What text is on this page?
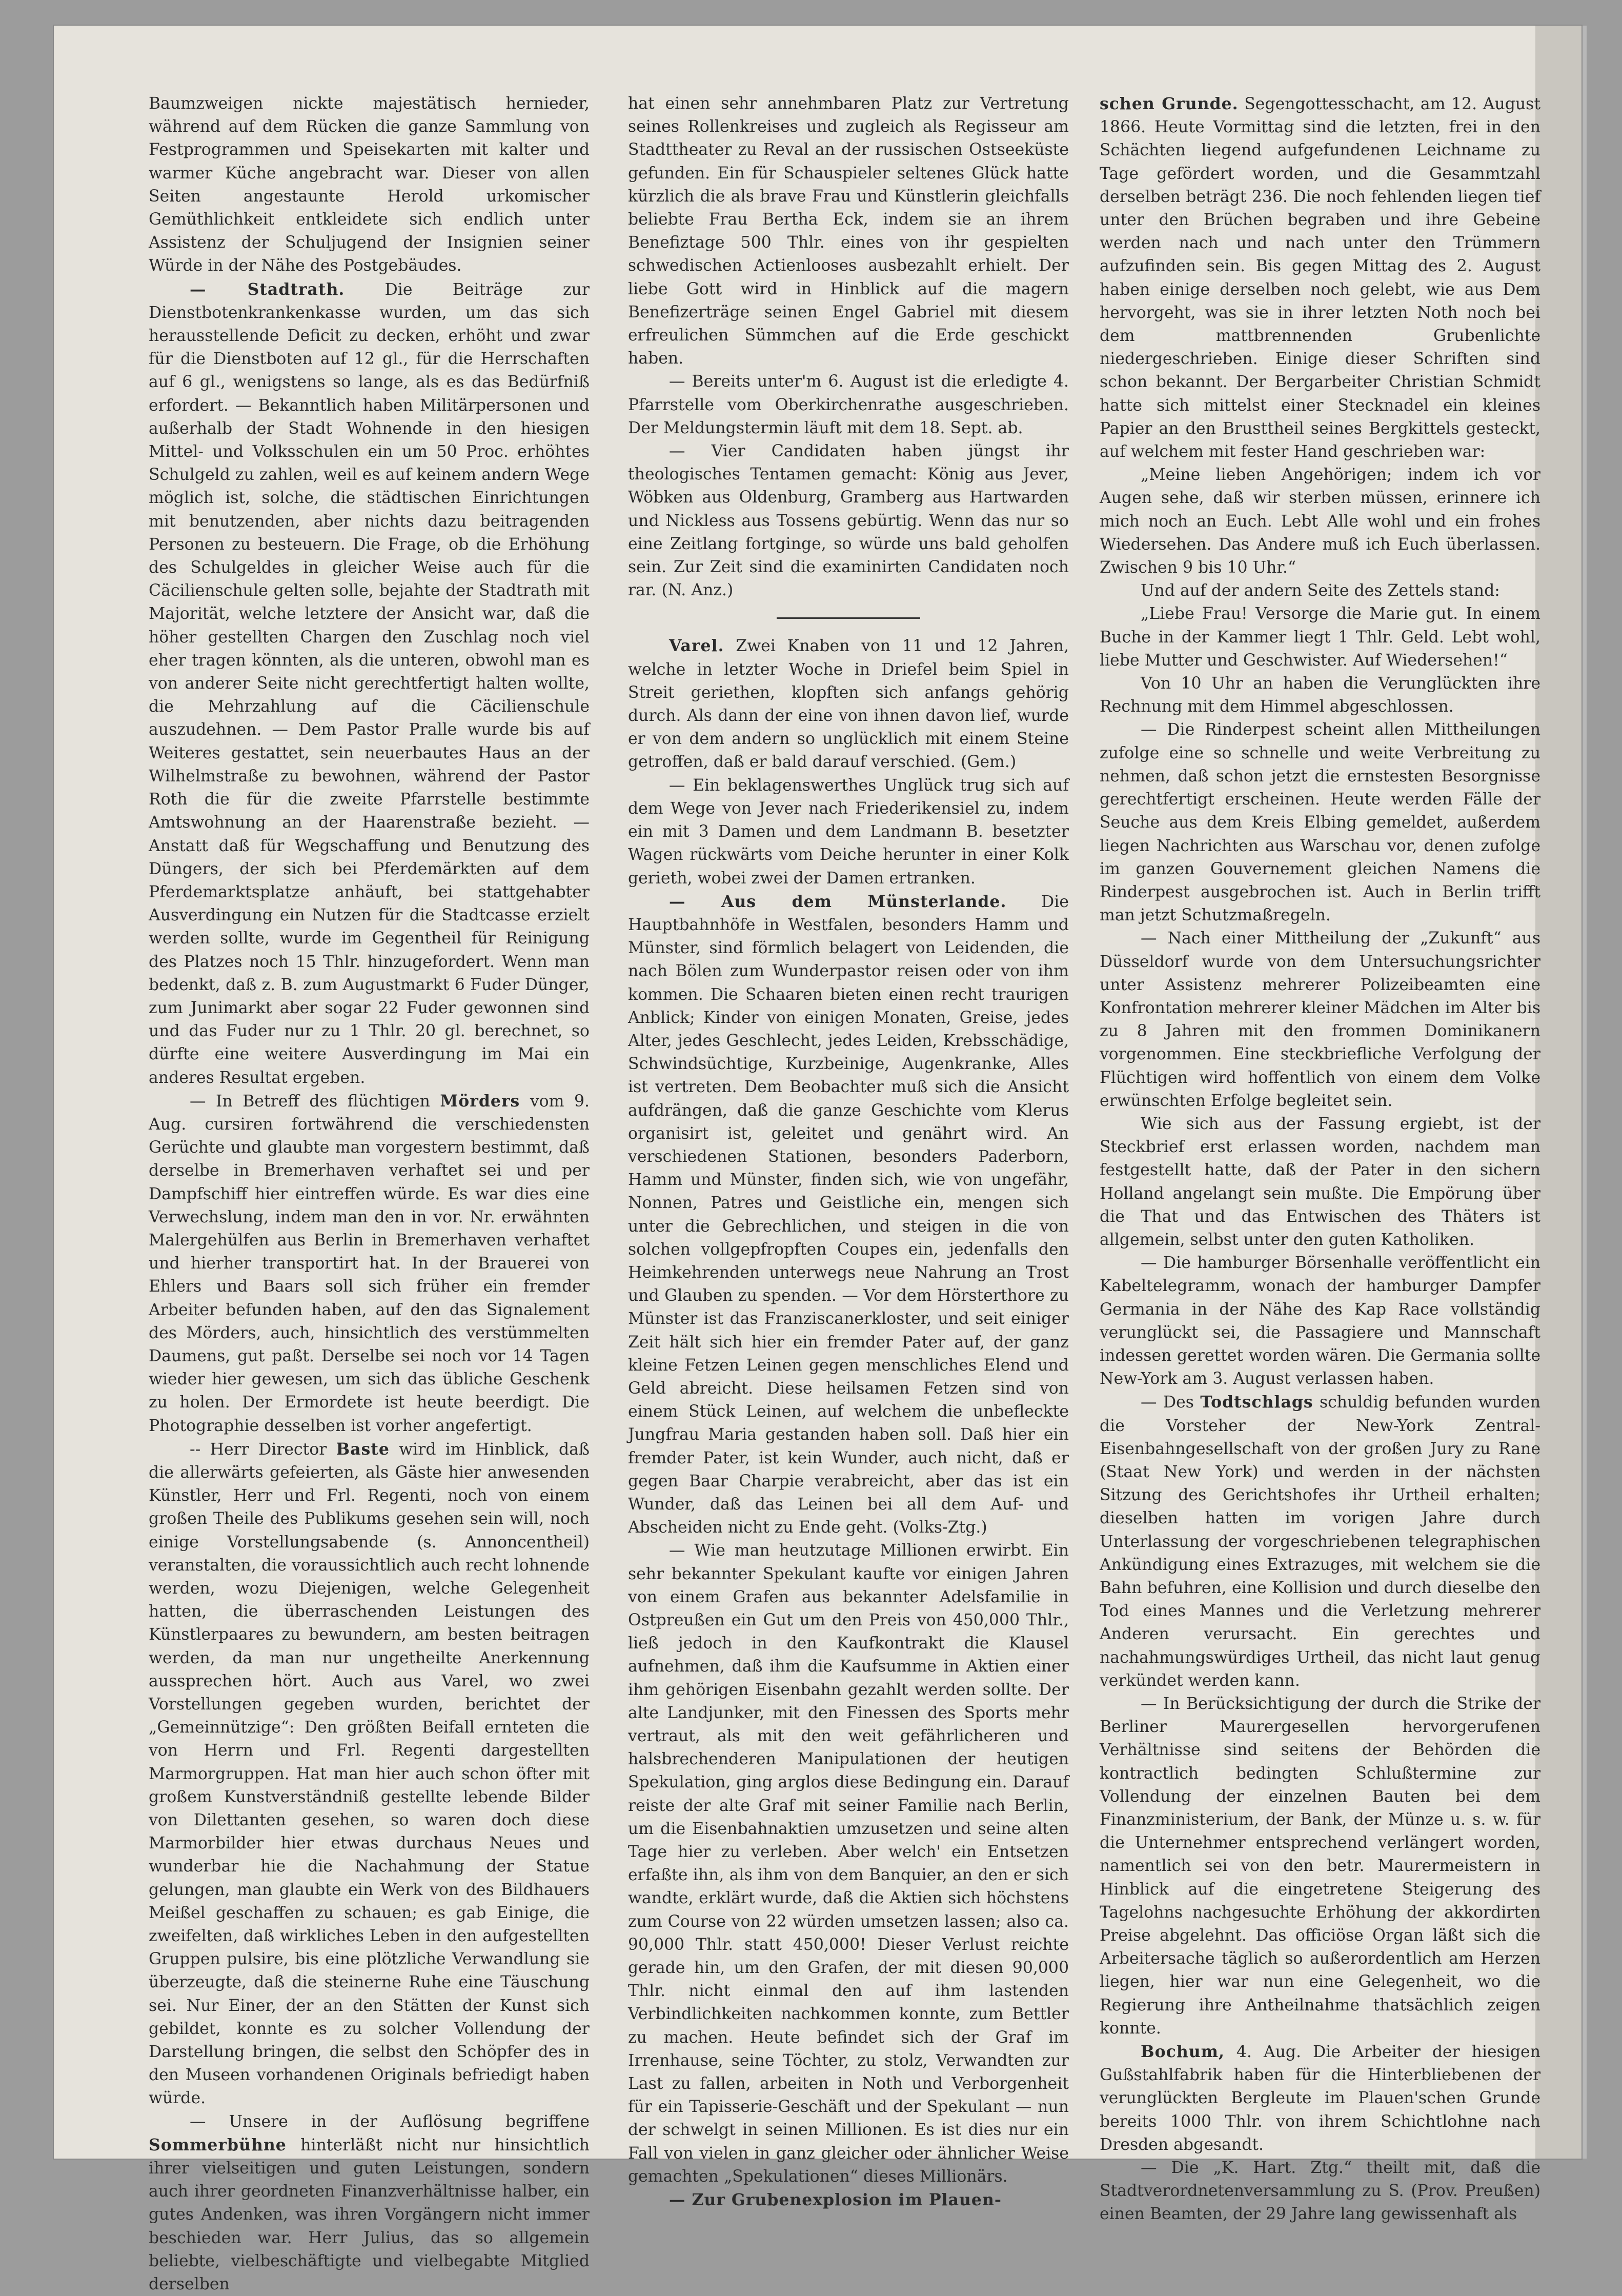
Baumzweigen nickte majestätisch hernieder, während auf dem Rücken die ganze Sammlung von Festprogrammen und Speisekarten mit kalter und warmer Küche angebracht war. Dieser von allen Seiten angestaunte Herold urkomischer Gemüthlichkeit entkleidete sich endlich unter Assistenz der Schuljugend der Insignien seiner Würde in der Nähe des Postgebäudes.

— Stadtrath. Die Beiträge zur Dienstbotenkrankenkasse wurden, um das sich herausstellende Deficit zu decken, erhöht und zwar für die Dienstboten auf 12 gl., für die Herrschaften auf 6 gl., wenigstens so lange, als es das Bedürfniß erfordert. — Bekanntlich haben Militärpersonen und außerhalb der Stadt Wohnende in den hiesigen Mittel- und Volksschulen ein um 50 Proc. erhöhtes Schulgeld zu zahlen, weil es auf keinem andern Wege möglich ist, solche, die städtischen Einrichtungen mit benutzenden, aber nichts dazu beitragenden Personen zu besteuern. Die Frage, ob die Erhöhung des Schulgeldes in gleicher Weise auch für die Cäcilienschule gelten solle, bejahte der Stadtrath mit Majorität, welche letztere der Ansicht war, daß die höher gestellten Chargen den Zuschlag noch viel eher tragen könnten, als die unteren, obwohl man es von anderer Seite nicht gerechtfertigt halten wollte, die Mehrzahlung auf die Cäcilienschule auszudehnen. — Dem Pastor Pralle wurde bis auf Weiteres gestattet, sein neuerbautes Haus an der Wilhelmstraße zu bewohnen, während der Pastor Roth die für die zweite Pfarrstelle bestimmte Amtswohnung an der Haarenstraße bezieht. — Anstatt daß für Wegschaffung und Benutzung des Düngers, der sich bei Pferdemärkten auf dem Pferdemarktsplatze anhäuft, bei stattgehabter Ausverdingung ein Nutzen für die Stadtcasse erzielt werden sollte, wurde im Gegentheil für Reinigung des Platzes noch 15 Thlr. hinzugefordert. Wenn man bedenkt, daß z. B. zum Augustmarkt 6 Fuder Dünger, zum Junimarkt aber sogar 22 Fuder gewonnen sind und das Fuder nur zu 1 Thlr. 20 gl. berechnet, so dürfte eine weitere Ausverdingung im Mai ein anderes Resultat ergeben.

— In Betreff des flüchtigen Mörders vom 9. Aug. cursiren fortwährend die verschiedensten Gerüchte und glaubte man vorgestern bestimmt, daß derselbe in Bremerhaven verhaftet sei und per Dampfschiff hier eintreffen würde. Es war dies eine Verwechslung, indem man den in vor. Nr. erwähnten Malergehülfen aus Berlin in Bremerhaven verhaftet und hierher transportirt hat. In der Brauerei von Ehlers und Baars soll sich früher ein fremder Arbeiter befunden haben, auf den das Signalement des Mörders, auch, hinsichtlich des verstümmelten Daumens, gut paßt. Derselbe sei noch vor 14 Tagen wieder hier gewesen, um sich das übliche Geschenk zu holen. Der Ermordete ist heute beerdigt. Die Photographie desselben ist vorher angefertigt.

-- Herr Director Baste wird im Hinblick, daß die allerwärts gefeierten, als Gäste hier anwesenden Künstler, Herr und Frl. Regenti, noch von einem großen Theile des Publikums gesehen sein will, noch einige Vorstellungsabende (s. Annoncentheil) veranstalten, die voraussichtlich auch recht lohnende werden, wozu Diejenigen, welche Gelegenheit hatten, die überraschenden Leistungen des Künstlerpaares zu bewundern, am besten beitragen werden, da man nur ungetheilte Anerkennung aussprechen hört. Auch aus Varel, wo zwei Vorstellungen gegeben wurden, berichtet der „Gemeinnützige“: Den größten Beifall ernteten die von Herrn und Frl. Regenti dargestellten Marmorgruppen. Hat man hier auch schon öfter mit großem Kunstverständniß gestellte lebende Bilder von Dilettanten gesehen, so waren doch diese Marmorbilder hier etwas durchaus Neues und wunderbar hie die Nachahmung der Statue gelungen, man glaubte ein Werk von des Bildhauers Meißel geschaffen zu schauen; es gab Einige, die zweifelten, daß wirkliches Leben in den aufgestellten Gruppen pulsire, bis eine plötzliche Verwandlung sie überzeugte, daß die steinerne Ruhe eine Täuschung sei. Nur Einer, der an den Stätten der Kunst sich gebildet, konnte es zu solcher Vollendung der Darstellung bringen, die selbst den Schöpfer des in den Museen vorhandenen Originals befriedigt haben würde.

— Unsere in der Auflösung begriffene Sommerbühne hinterläßt nicht nur hinsichtlich ihrer vielseitigen und guten Leistungen, sondern auch ihrer geordneten Finanzverhältnisse halber, ein gutes Andenken, was ihren Vorgängern nicht immer beschieden war. Herr Julius, das so allgemein beliebte, vielbeschäftigte und vielbegabte Mitglied derselben

hat einen sehr annehmbaren Platz zur Vertretung seines Rollenkreises und zugleich als Regisseur am Stadttheater zu Reval an der russischen Ostseeküste gefunden. Ein für Schauspieler seltenes Glück hatte kürzlich die als brave Frau und Künstlerin gleichfalls beliebte Frau Bertha Eck, indem sie an ihrem Benefiztage 500 Thlr. eines von ihr gespielten schwedischen Actienlooses ausbezahlt erhielt. Der liebe Gott wird in Hinblick auf die magern Benefizerträge seinen Engel Gabriel mit diesem erfreulichen Sümmchen auf die Erde geschickt haben.

— Bereits unter'm 6. August ist die erledigte 4. Pfarrstelle vom Oberkirchenrathe ausgeschrieben. Der Meldungstermin läuft mit dem 18. Sept. ab.

— Vier Candidaten haben jüngst ihr theologisches Tentamen gemacht: König aus Jever, Wöbken aus Oldenburg, Gramberg aus Hartwarden und Nickless aus Tossens gebürtig. Wenn das nur so eine Zeitlang fortginge, so würde uns bald geholfen sein. Zur Zeit sind die examinirten Candidaten noch rar. (N. Anz.)

Varel. Zwei Knaben von 11 und 12 Jahren, welche in letzter Woche in Driefel beim Spiel in Streit geriethen, klopften sich anfangs gehörig durch. Als dann der eine von ihnen davon lief, wurde er von dem andern so unglücklich mit einem Steine getroffen, daß er bald darauf verschied. (Gem.)

— Ein beklagenswerthes Unglück trug sich auf dem Wege von Jever nach Friederikensiel zu, indem ein mit 3 Damen und dem Landmann B. besetzter Wagen rückwärts vom Deiche herunter in einer Kolk gerieth, wobei zwei der Damen ertranken.

— Aus dem Münsterlande. Die Hauptbahnhöfe in Westfalen, besonders Hamm und Münster, sind förmlich belagert von Leidenden, die nach Bölen zum Wunderpastor reisen oder von ihm kommen. Die Schaaren bieten einen recht traurigen Anblick; Kinder von einigen Monaten, Greise, jedes Alter, jedes Geschlecht, jedes Leiden, Krebsschädige, Schwindsüchtige, Kurzbeinige, Augenkranke, Alles ist vertreten. Dem Beobachter muß sich die Ansicht aufdrängen, daß die ganze Geschichte vom Klerus organisirt ist, geleitet und genährt wird. An verschiedenen Stationen, besonders Paderborn, Hamm und Münster, finden sich, wie von ungefähr, Nonnen, Patres und Geistliche ein, mengen sich unter die Gebrechlichen, und steigen in die von solchen vollgepfropften Coupes ein, jedenfalls den Heimkehrenden unterwegs neue Nahrung an Trost und Glauben zu spenden. — Vor dem Hörsterthore zu Münster ist das Franziscanerkloster, und seit einiger Zeit hält sich hier ein fremder Pater auf, der ganz kleine Fetzen Leinen gegen menschliches Elend und Geld abreicht. Diese heilsamen Fetzen sind von einem Stück Leinen, auf welchem die unbefleckte Jungfrau Maria gestanden haben soll. Daß hier ein fremder Pater, ist kein Wunder, auch nicht, daß er gegen Baar Charpie verabreicht, aber das ist ein Wunder, daß das Leinen bei all dem Auf- und Abscheiden nicht zu Ende geht. (Volks-Ztg.)

— Wie man heutzutage Millionen erwirbt. Ein sehr bekannter Spekulant kaufte vor einigen Jahren von einem Grafen aus bekannter Adelsfamilie in Ostpreußen ein Gut um den Preis von 450,000 Thlr., ließ jedoch in den Kaufkontrakt die Klausel aufnehmen, daß ihm die Kaufsumme in Aktien einer ihm gehörigen Eisenbahn gezahlt werden sollte. Der alte Landjunker, mit den Finessen des Sports mehr vertraut, als mit den weit gefährlicheren und halsbrechenderen Manipulationen der heutigen Spekulation, ging arglos diese Bedingung ein. Darauf reiste der alte Graf mit seiner Familie nach Berlin, um die Eisenbahnaktien umzusetzen und seine alten Tage hier zu verleben. Aber welch' ein Entsetzen erfaßte ihn, als ihm von dem Banquier, an den er sich wandte, erklärt wurde, daß die Aktien sich höchstens zum Course von 22 würden umsetzen lassen; also ca. 90,000 Thlr. statt 450,000! Dieser Verlust reichte gerade hin, um den Grafen, der mit diesen 90,000 Thlr. nicht einmal den auf ihm lastenden Verbindlichkeiten nachkommen konnte, zum Bettler zu machen. Heute befindet sich der Graf im Irrenhause, seine Töchter, zu stolz, Verwandten zur Last zu fallen, arbeiten in Noth und Verborgenheit für ein Tapisserie-Geschäft und der Spekulant — nun der schwelgt in seinen Millionen. Es ist dies nur ein Fall von vielen in ganz gleicher oder ähnlicher Weise gemachten „Spekulationen“ dieses Millionärs.

— Zur Grubenexplosion im Plauen-

schen Grunde. Segengottesschacht, am 12. August 1866. Heute Vormittag sind die letzten, frei in den Schächten liegend aufgefundenen Leichname zu Tage gefördert worden, und die Gesammtzahl derselben beträgt 236. Die noch fehlenden liegen tief unter den Brüchen begraben und ihre Gebeine werden nach und nach unter den Trümmern aufzufinden sein. Bis gegen Mittag des 2. August haben einige derselben noch gelebt, wie aus Dem hervorgeht, was sie in ihrer letzten Noth noch bei dem mattbrennenden Grubenlichte niedergeschrieben. Einige dieser Schriften sind schon bekannt. Der Bergarbeiter Christian Schmidt hatte sich mittelst einer Stecknadel ein kleines Papier an den Brusttheil seines Bergkittels gesteckt, auf welchem mit fester Hand geschrieben war:

„Meine lieben Angehörigen; indem ich vor Augen sehe, daß wir sterben müssen, erinnere ich mich noch an Euch. Lebt Alle wohl und ein frohes Wiedersehen. Das Andere muß ich Euch überlassen. Zwischen 9 bis 10 Uhr.“

Und auf der andern Seite des Zettels stand:

„Liebe Frau! Versorge die Marie gut. In einem Buche in der Kammer liegt 1 Thlr. Geld. Lebt wohl, liebe Mutter und Geschwister. Auf Wiedersehen!“

Von 10 Uhr an haben die Verunglückten ihre Rechnung mit dem Himmel abgeschlossen.

— Die Rinderpest scheint allen Mittheilungen zufolge eine so schnelle und weite Verbreitung zu nehmen, daß schon jetzt die ernstesten Besorgnisse gerechtfertigt erscheinen. Heute werden Fälle der Seuche aus dem Kreis Elbing gemeldet, außerdem liegen Nachrichten aus Warschau vor, denen zufolge im ganzen Gouvernement gleichen Namens die Rinderpest ausgebrochen ist. Auch in Berlin trifft man jetzt Schutzmaßregeln.

— Nach einer Mittheilung der „Zukunft“ aus Düsseldorf wurde von dem Untersuchungsrichter unter Assistenz mehrerer Polizeibeamten eine Konfrontation mehrerer kleiner Mädchen im Alter bis zu 8 Jahren mit den frommen Dominikanern vorgenommen. Eine steckbriefliche Verfolgung der Flüchtigen wird hoffentlich von einem dem Volke erwünschten Erfolge begleitet sein.

Wie sich aus der Fassung ergiebt, ist der Steckbrief erst erlassen worden, nachdem man festgestellt hatte, daß der Pater in den sichern Holland angelangt sein mußte. Die Empörung über die That und das Entwischen des Thäters ist allgemein, selbst unter den guten Katholiken.

— Die hamburger Börsenhalle veröffentlicht ein Kabeltelegramm, wonach der hamburger Dampfer Germania in der Nähe des Kap Race vollständig verunglückt sei, die Passagiere und Mannschaft indessen gerettet worden wären. Die Germania sollte New-York am 3. August verlassen haben.

— Des Todtschlags schuldig befunden wurden die Vorsteher der New-York Zentral-Eisenbahngesellschaft von der großen Jury zu Rane (Staat New York) und werden in der nächsten Sitzung des Gerichtshofes ihr Urtheil erhalten; dieselben hatten im vorigen Jahre durch Unterlassung der vorgeschriebenen telegraphischen Ankündigung eines Extrazuges, mit welchem sie die Bahn befuhren, eine Kollision und durch dieselbe den Tod eines Mannes und die Verletzung mehrerer Anderen verursacht. Ein gerechtes und nachahmungswürdiges Urtheil, das nicht laut genug verkündet werden kann.

— In Berücksichtigung der durch die Strike der Berliner Maurergesellen hervorgerufenen Verhältnisse sind seitens der Behörden die kontractlich bedingten Schlußtermine zur Vollendung der einzelnen Bauten bei dem Finanzministerium, der Bank, der Münze u. s. w. für die Unternehmer entsprechend verlängert worden, namentlich sei von den betr. Maurermeistern in Hinblick auf die eingetretene Steigerung des Tagelohns nachgesuchte Erhöhung der akkordirten Preise abgelehnt. Das officiöse Organ läßt sich die Arbeitersache täglich so außerordentlich am Herzen liegen, hier war nun eine Gelegenheit, wo die Regierung ihre Antheilnahme thatsächlich zeigen konnte.

Bochum, 4. Aug. Die Arbeiter der hiesigen Gußstahlfabrik haben für die Hinterbliebenen der verunglückten Bergleute im Plauen'schen Grunde bereits 1000 Thlr. von ihrem Schichtlohne nach Dresden abgesandt.

— Die „K. Hart. Ztg.“ theilt mit, daß die Stadtverordnetenversammlung zu S. (Prov. Preußen) einen Beamten, der 29 Jahre lang gewissenhaft als
